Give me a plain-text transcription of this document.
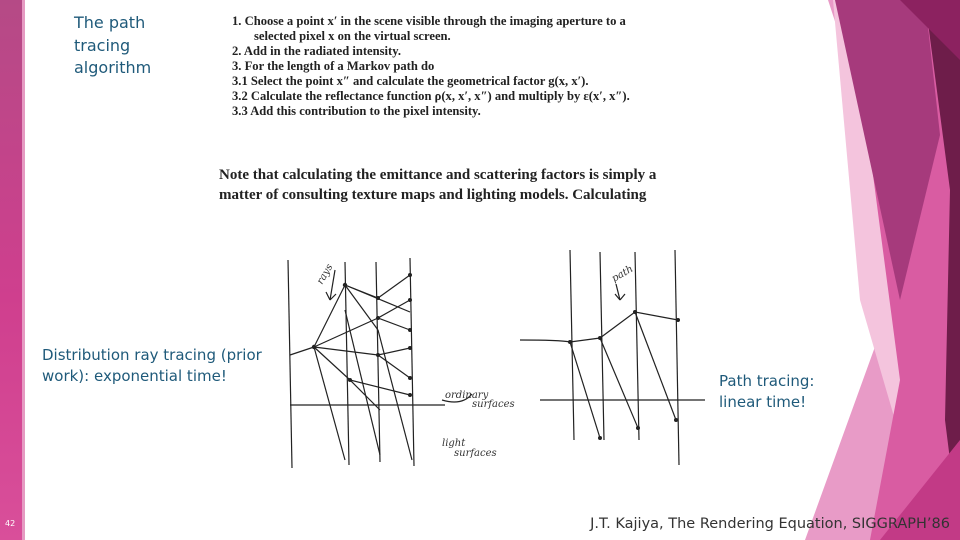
rays	path
ordinary
surfaces
light
surfaces
The path tracing algorithm
1. Choose a point x′ in the scene visible through the imaging aperture to a
selected pixel x on the virtual screen.
2. Add in the radiated intensity.
3. For the length of a Markov path do
3.1 Select the point x″ and calculate the geometrical factor g(x, x′).
3.2 Calculate the reflectance function ρ(x, x′, x″) and multiply by ε(x′, x″).
3.3 Add this contribution to the pixel intensity.
Note that calculating the emittance and scattering factors is simply a
matter of consulting texture maps and lighting models. Calculating
Distribution ray tracing (prior work): exponential time!	Path tracing: linear time!
J.T. Kajiya, The Rendering Equation, SIGGRAPH’86
42
